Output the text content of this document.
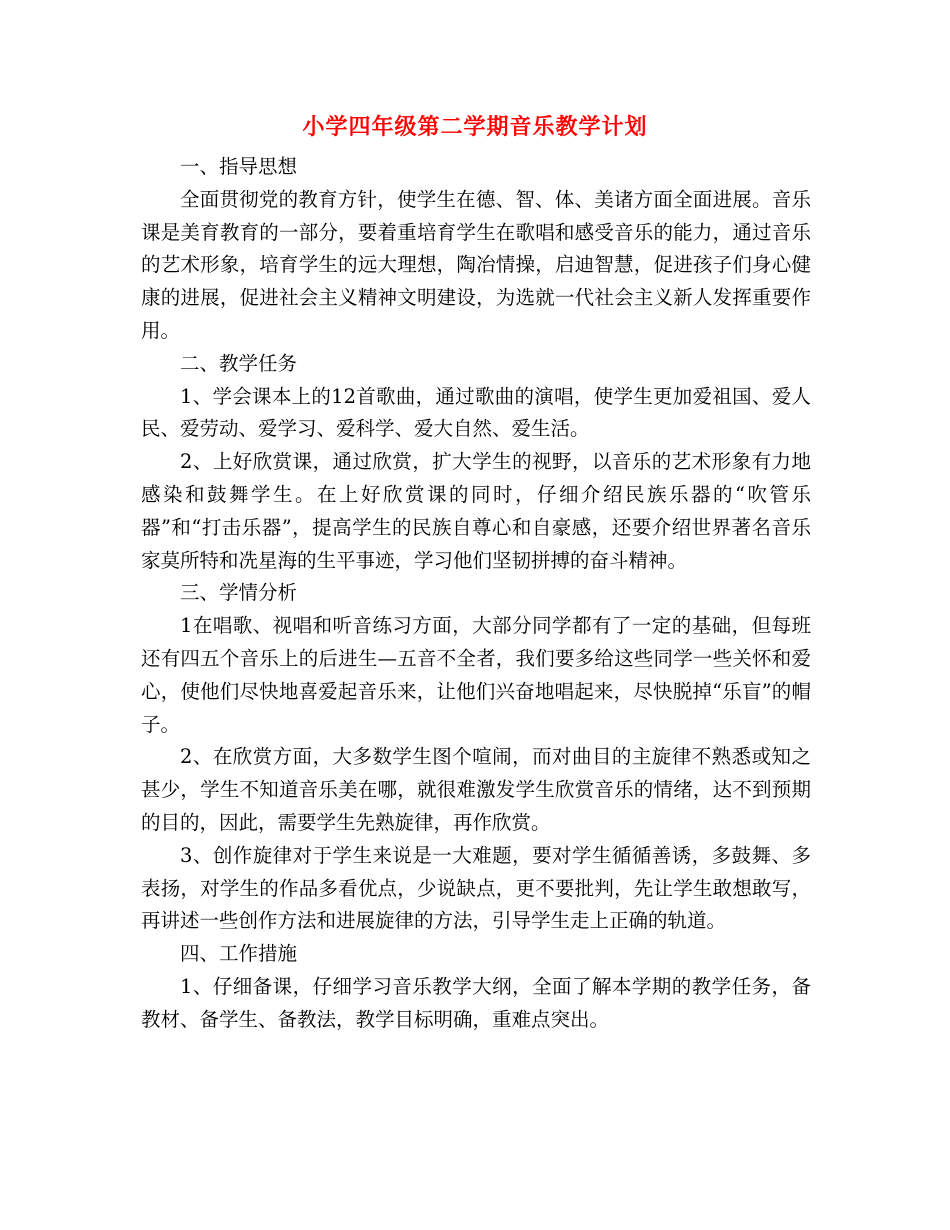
小学四年级第二学期音乐教学计划

一、指导思想

全面贯彻党的教育方针，使学生在德、智、体、美诸方面全面进展。音乐课是美育教育的一部分，要着重培育学生在歌唱和感受音乐的能力，通过音乐的艺术形象，培育学生的远大理想，陶冶情操，启迪智慧，促进孩子们身心健康的进展，促进社会主义精神文明建设，为选就一代社会主义新人发挥重要作用。

二、教学任务

1、学会课本上的12首歌曲，通过歌曲的演唱，使学生更加爱祖国、爱人民、爱劳动、爱学习、爱科学、爱大自然、爱生活。

2、上好欣赏课，通过欣赏，扩大学生的视野，以音乐的艺术形象有力地感染和鼓舞学生。在上好欣赏课的同时，仔细介绍民族乐器的“吹管乐器”和“打击乐器”，提高学生的民族自尊心和自豪感，还要介绍世界著名音乐家莫所特和冼星海的生平事迹，学习他们坚韧拼搏的奋斗精神。

三、学情分析

1在唱歌、视唱和听音练习方面，大部分同学都有了一定的基础，但每班还有四五个音乐上的后进生—五音不全者，我们要多给这些同学一些关怀和爱心，使他们尽快地喜爱起音乐来，让他们兴奋地唱起来，尽快脱掉“乐盲”的帽子。

2、在欣赏方面，大多数学生图个喧闹，而对曲目的主旋律不熟悉或知之甚少，学生不知道音乐美在哪，就很难激发学生欣赏音乐的情绪，达不到预期的目的，因此，需要学生先熟旋律，再作欣赏。

3、创作旋律对于学生来说是一大难题，要对学生循循善诱，多鼓舞、多表扬，对学生的作品多看优点，少说缺点，更不要批判，先让学生敢想敢写，再讲述一些创作方法和进展旋律的方法，引导学生走上正确的轨道。

四、工作措施

1、仔细备课，仔细学习音乐教学大纲，全面了解本学期的教学任务，备教材、备学生、备教法，教学目标明确，重难点突出。
